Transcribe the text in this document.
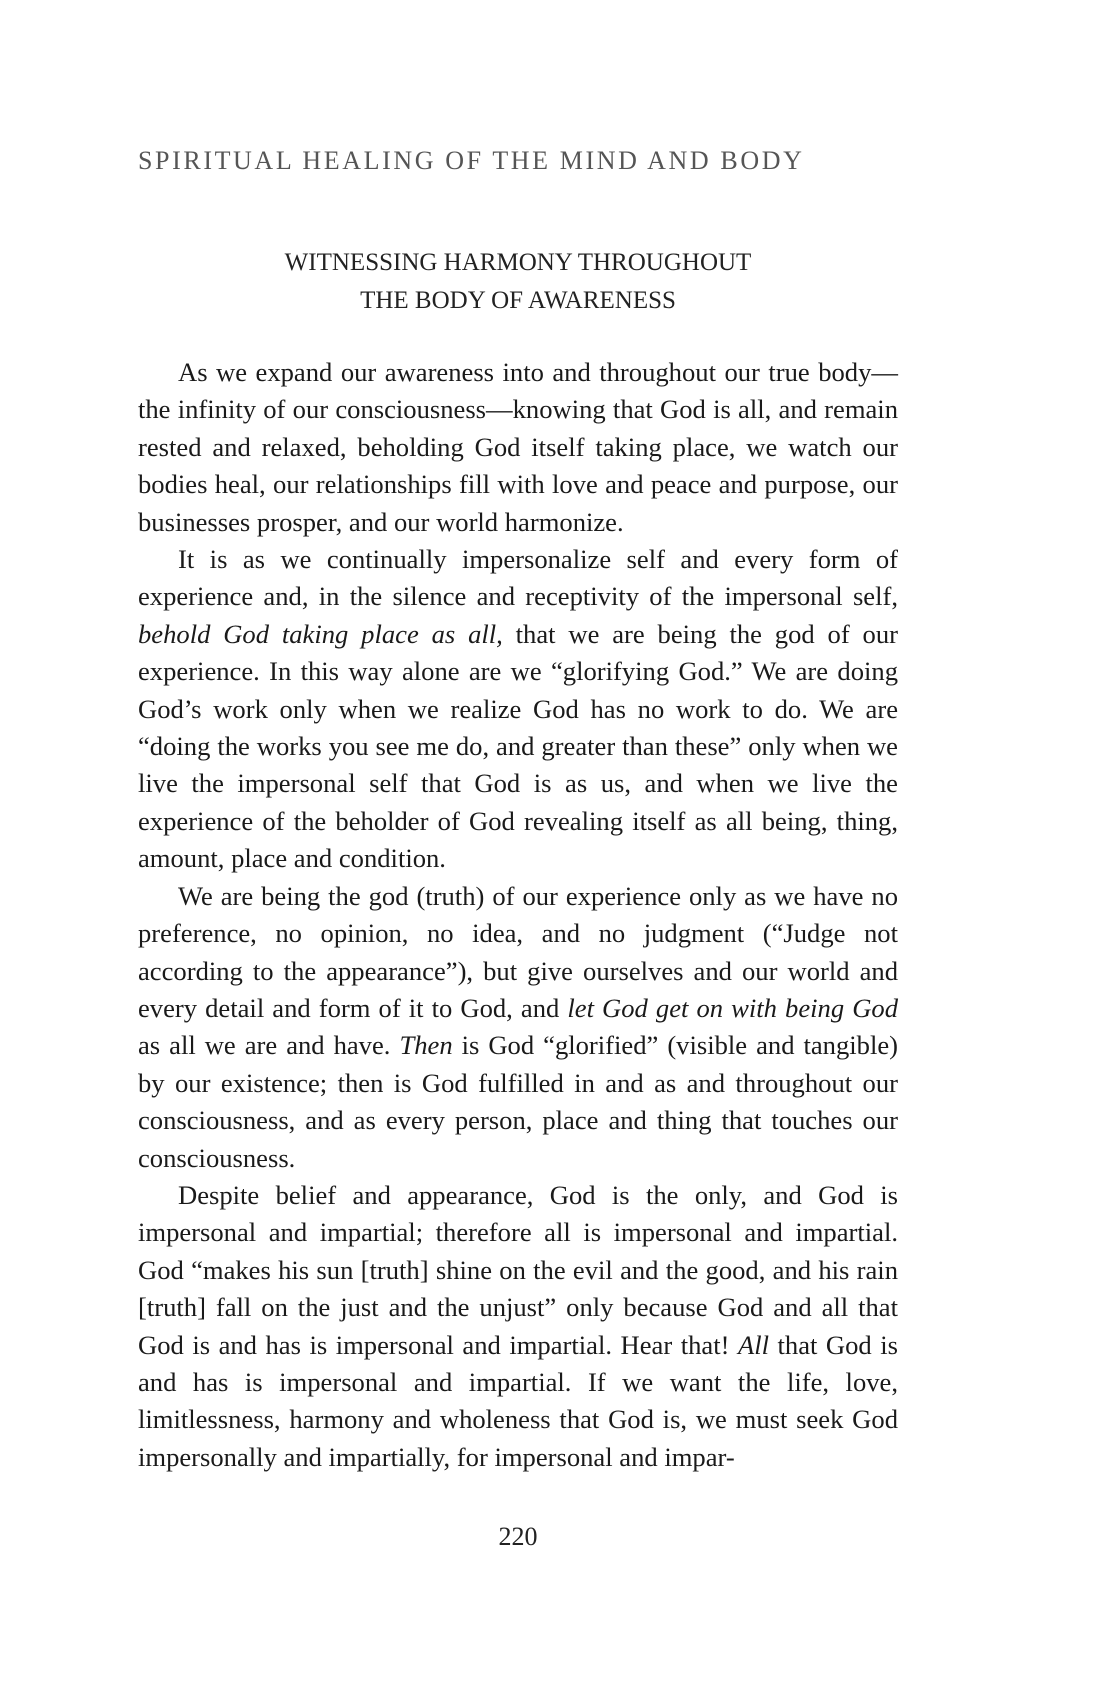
SPIRITUAL HEALING OF THE MIND AND BODY
WITNESSING HARMONY THROUGHOUT
THE BODY OF AWARENESS

As we expand our awareness into and throughout our true body—the infinity of our consciousness—knowing that God is all, and remain rested and relaxed, beholding God itself taking place, we watch our bodies heal, our relationships fill with love and peace and purpose, our businesses prosper, and our world harmonize.

It is as we continually impersonalize self and every form of experience and, in the silence and receptivity of the impersonal self, behold God taking place as all, that we are being the god of our experience. In this way alone are we “glorifying God.” We are doing God’s work only when we realize God has no work to do. We are “doing the works you see me do, and greater than these” only when we live the impersonal self that God is as us, and when we live the experience of the beholder of God revealing itself as all being, thing, amount, place and condition.

We are being the god (truth) of our experience only as we have no preference, no opinion, no idea, and no judgment (“Judge not according to the appearance”), but give ourselves and our world and every detail and form of it to God, and let God get on with being God as all we are and have. Then is God “glorified” (visible and tangible) by our existence; then is God fulfilled in and as and throughout our consciousness, and as every person, place and thing that touches our consciousness.

Despite belief and appearance, God is the only, and God is impersonal and impartial; therefore all is impersonal and impartial. God “makes his sun [truth] shine on the evil and the good, and his rain [truth] fall on the just and the unjust” only because God and all that God is and has is impersonal and impartial. Hear that! All that God is and has is impersonal and impartial. If we want the life, love, limitlessness, harmony and wholeness that God is, we must seek God impersonally and impartially, for impersonal and impar-

220
